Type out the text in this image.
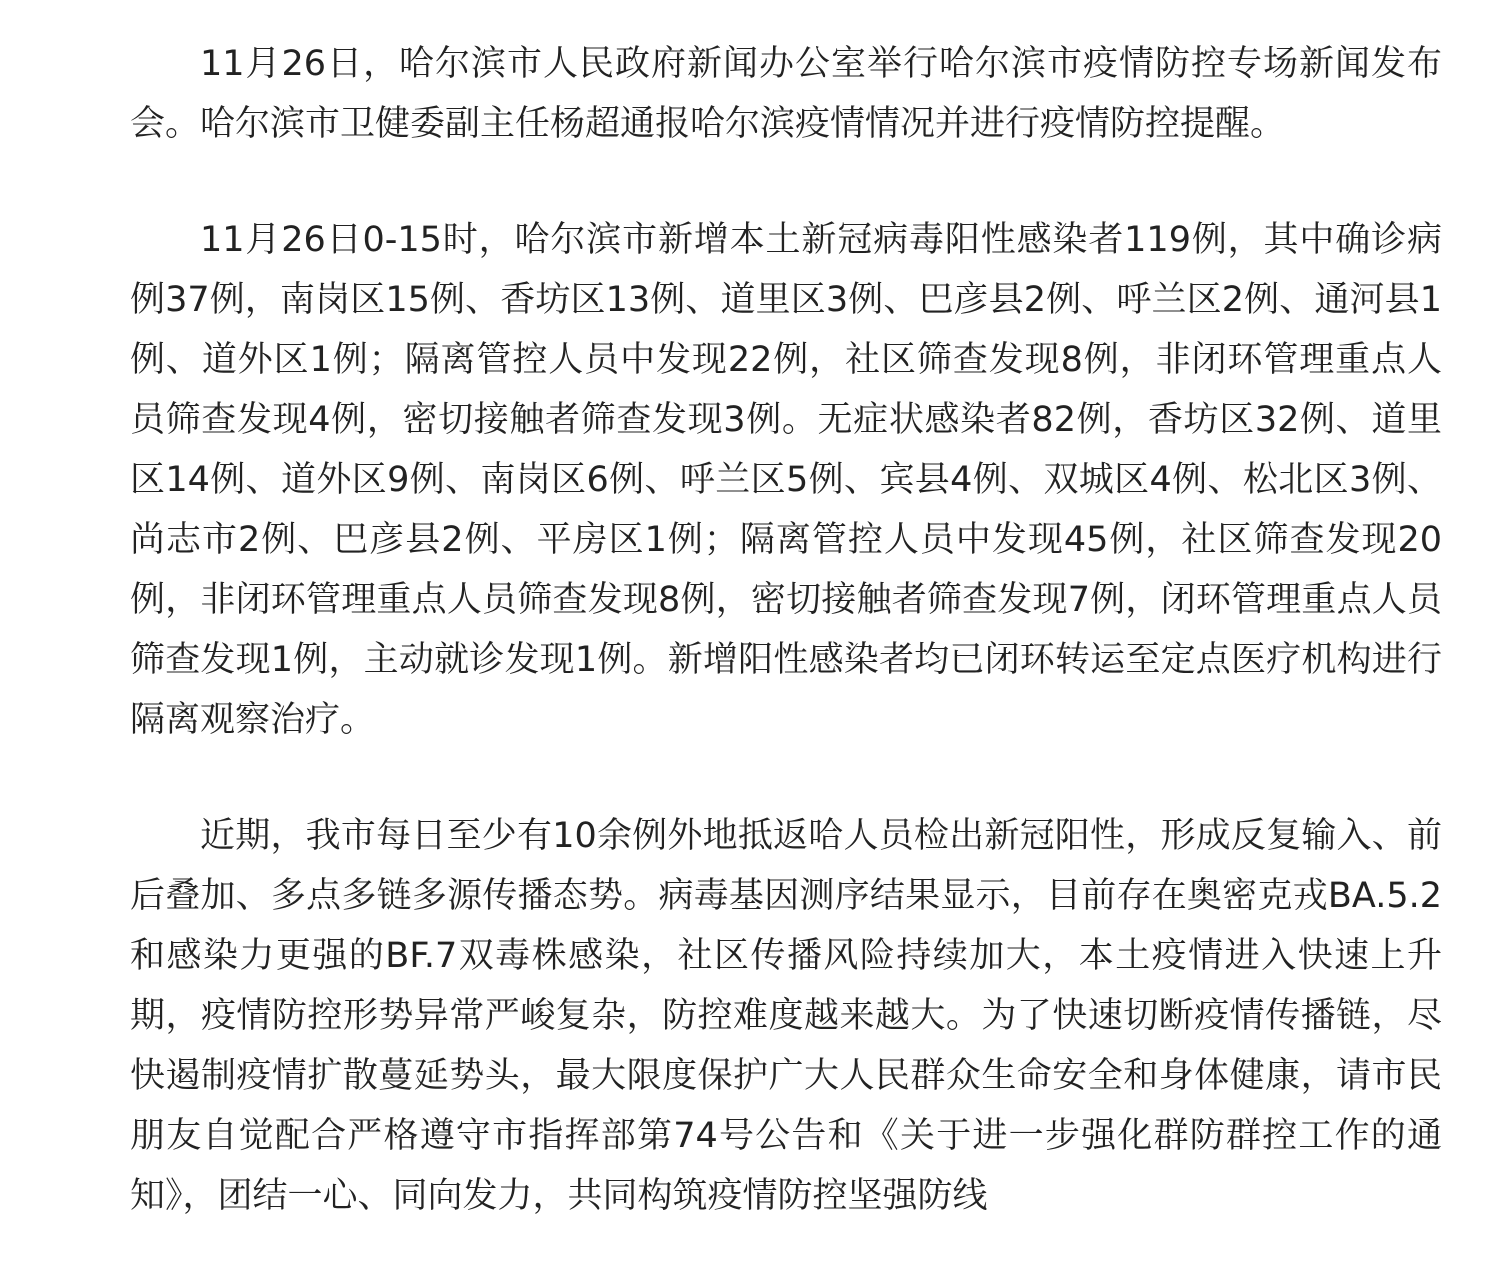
11月26日，哈尔滨市人民政府新闻办公室举行哈尔滨市疫情防控专场新闻发布会。哈尔滨市卫健委副主任杨超通报哈尔滨疫情情况并进行疫情防控提醒。

11月26日0-15时，哈尔滨市新增本土新冠病毒阳性感染者119例，其中确诊病例37例，南岗区15例、香坊区13例、道里区3例、巴彦县2例、呼兰区2例、通河县1例、道外区1例；隔离管控人员中发现22例，社区筛查发现8例，非闭环管理重点人员筛查发现4例，密切接触者筛查发现3例。无症状感染者82例，香坊区32例、道里区14例、道外区9例、南岗区6例、呼兰区5例、宾县4例、双城区4例、松北区3例、尚志市2例、巴彦县2例、平房区1例；隔离管控人员中发现45例，社区筛查发现20例，非闭环管理重点人员筛查发现8例，密切接触者筛查发现7例，闭环管理重点人员筛查发现1例，主动就诊发现1例。新增阳性感染者均已闭环转运至定点医疗机构进行隔离观察治疗。

近期，我市每日至少有10余例外地抵返哈人员检出新冠阳性，形成反复输入、前后叠加、多点多链多源传播态势。病毒基因测序结果显示，目前存在奥密克戎BA.5.2和感染力更强的BF.7双毒株感染，社区传播风险持续加大，本土疫情进入快速上升期，疫情防控形势异常严峻复杂，防控难度越来越大。为了快速切断疫情传播链，尽快遏制疫情扩散蔓延势头，最大限度保护广大人民群众生命安全和身体健康，请市民朋友自觉配合严格遵守市指挥部第74号公告和《关于进一步强化群防群控工作的通知》，团结一心、同向发力，共同构筑疫情防控坚强防线
